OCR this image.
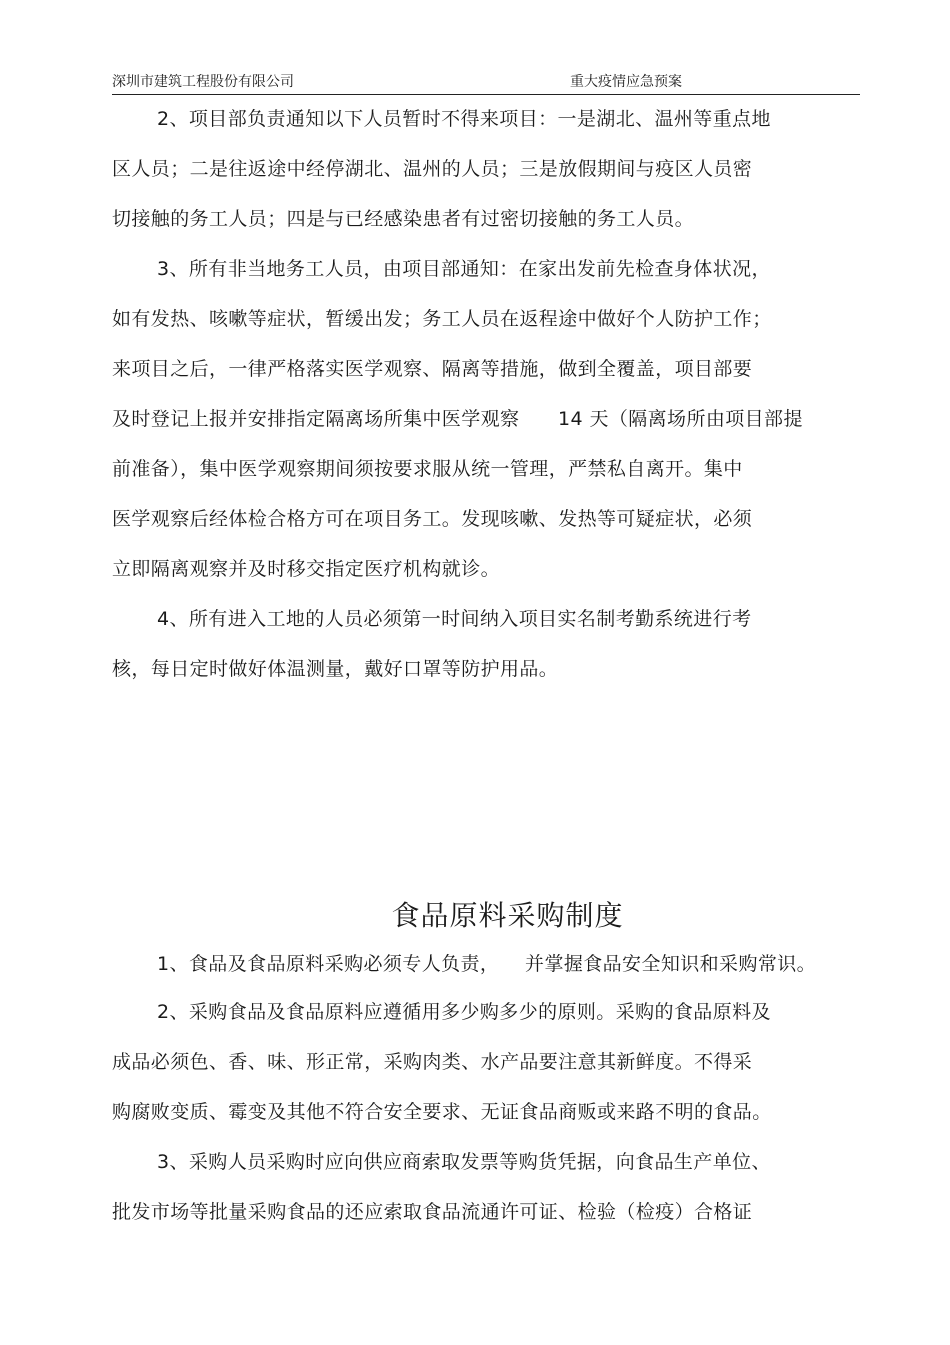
深圳市建筑工程股份有限公司	重大疫情应急预案
2、项目部负责通知以下人员暂时不得来项目：一是湖北、温州等重点地
区人员；二是往返途中经停湖北、温州的人员；三是放假期间与疫区人员密
切接触的务工人员；四是与已经感染患者有过密切接触的务工人员。
3、所有非当地务工人员，由项目部通知：在家出发前先检查身体状况，
如有发热、咳嗽等症状，暂缓出发；务工人员在返程途中做好个人防护工作；
来项目之后，一律严格落实医学观察、隔离等措施，做到全覆盖，项目部要
及时登记上报并安排指定隔离场所集中医学观察      14 天（隔离场所由项目部提
前准备），集中医学观察期间须按要求服从统一管理，严禁私自离开。集中
医学观察后经体检合格方可在项目务工。发现咳嗽、发热等可疑症状，必须
立即隔离观察并及时移交指定医疗机构就诊。
4、所有进入工地的人员必须第一时间纳入项目实名制考勤系统进行考
核，每日定时做好体温测量，戴好口罩等防护用品。
食品原料采购制度
1、食品及食品原料采购必须专人负责，    并掌握食品安全知识和采购常识。
2、采购食品及食品原料应遵循用多少购多少的原则。采购的食品原料及
成品必须色、香、味、形正常，采购肉类、水产品要注意其新鲜度。不得采
购腐败变质、霉变及其他不符合安全要求、无证食品商贩或来路不明的食品。
3、采购人员采购时应向供应商索取发票等购货凭据，向食品生产单位、
批发市场等批量采购食品的还应索取食品流通许可证、检验（检疫）合格证
